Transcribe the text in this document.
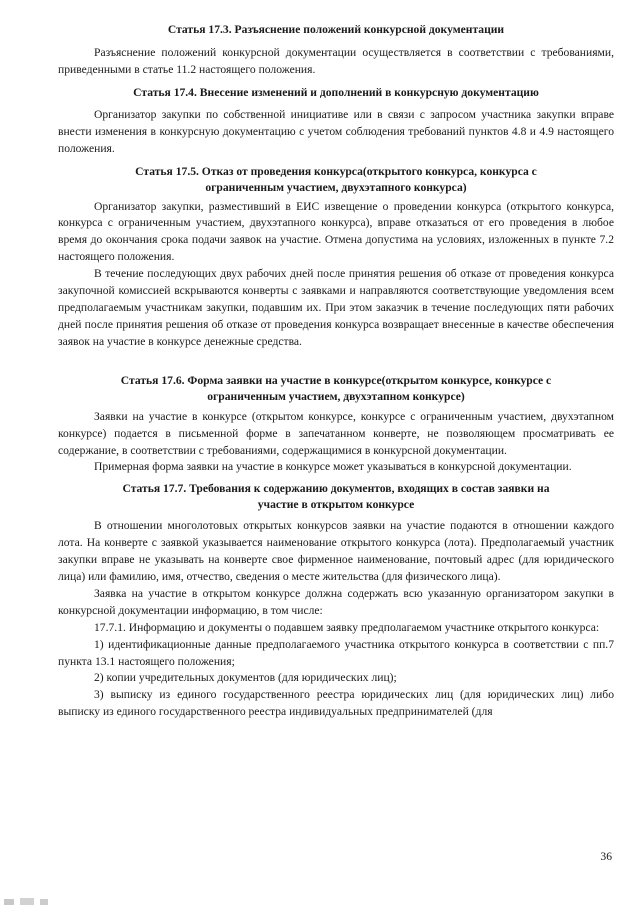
Статья 17.3. Разъяснение положений конкурсной документации

Разъяснение положений конкурсной документации осуществляется в соответствии с требованиями, приведенными в статье 11.2 настоящего положения.

Статья 17.4. Внесение изменений и дополнений в конкурсную документацию

Организатор закупки по собственной инициативе или в связи с запросом участника закупки вправе внести изменения в конкурсную документацию с учетом соблюдения требований пунктов 4.8 и 4.9 настоящего положения.

Статья 17.5. Отказ от проведения конкурса(открытого конкурса, конкурса с
ограниченным участием, двухэтапного конкурса)

Организатор закупки, разместивший в ЕИС извещение о проведении конкурса (открытого конкурса, конкурса с ограниченным участием, двухэтапного конкурса), вправе отказаться от его проведения в любое время до окончания срока подачи заявок на участие. Отмена допустима на условиях, изложенных в пункте 7.2 настоящего положения.

В течение последующих двух рабочих дней после принятия решения об отказе от проведения конкурса закупочной комиссией вскрываются конверты с заявками и направляются соответствующие уведомления всем предполагаемым участникам закупки, подавшим их. При этом заказчик в течение последующих пяти рабочих дней после принятия решения об отказе от проведения конкурса возвращает внесенные в качестве обеспечения заявок на участие в конкурсе денежные средства.

Статья 17.6. Форма заявки на участие в конкурсе(открытом конкурсе, конкурсе с
ограниченным участием, двухэтапном конкурсе)

Заявки на участие в конкурсе (открытом конкурсе, конкурсе с ограниченным участием, двухэтапном конкурсе) подается в письменной форме в запечатанном конверте, не позволяющем просматривать ее содержание, в соответствии с требованиями, содержащимися в конкурсной документации.

Примерная форма заявки на участие в конкурсе может указываться в конкурсной документации.

Статья 17.7. Требования к содержанию документов, входящих в состав заявки на
участие в открытом конкурсе

В отношении многолотовых открытых конкурсов заявки на участие подаются в отношении каждого лота. На конверте с заявкой указывается наименование открытого конкурса (лота). Предполагаемый участник закупки вправе не указывать на конверте свое фирменное наименование, почтовый адрес (для юридического лица) или фамилию, имя, отчество, сведения о месте жительства (для физического лица).

Заявка на участие в открытом конкурсе должна содержать всю указанную организатором закупки в конкурсной документации информацию, в том числе:

17.7.1. Информацию и документы о подавшем заявку предполагаемом участнике открытого конкурса:

1) идентификационные данные предполагаемого участника открытого конкурса в соответствии с пп.7 пункта 13.1 настоящего положения;

2) копии учредительных документов (для юридических лиц);

3) выписку из единого государственного реестра юридических лиц (для юридических лиц) либо выписку из единого государственного реестра индивидуальных предпринимателей (для

36
